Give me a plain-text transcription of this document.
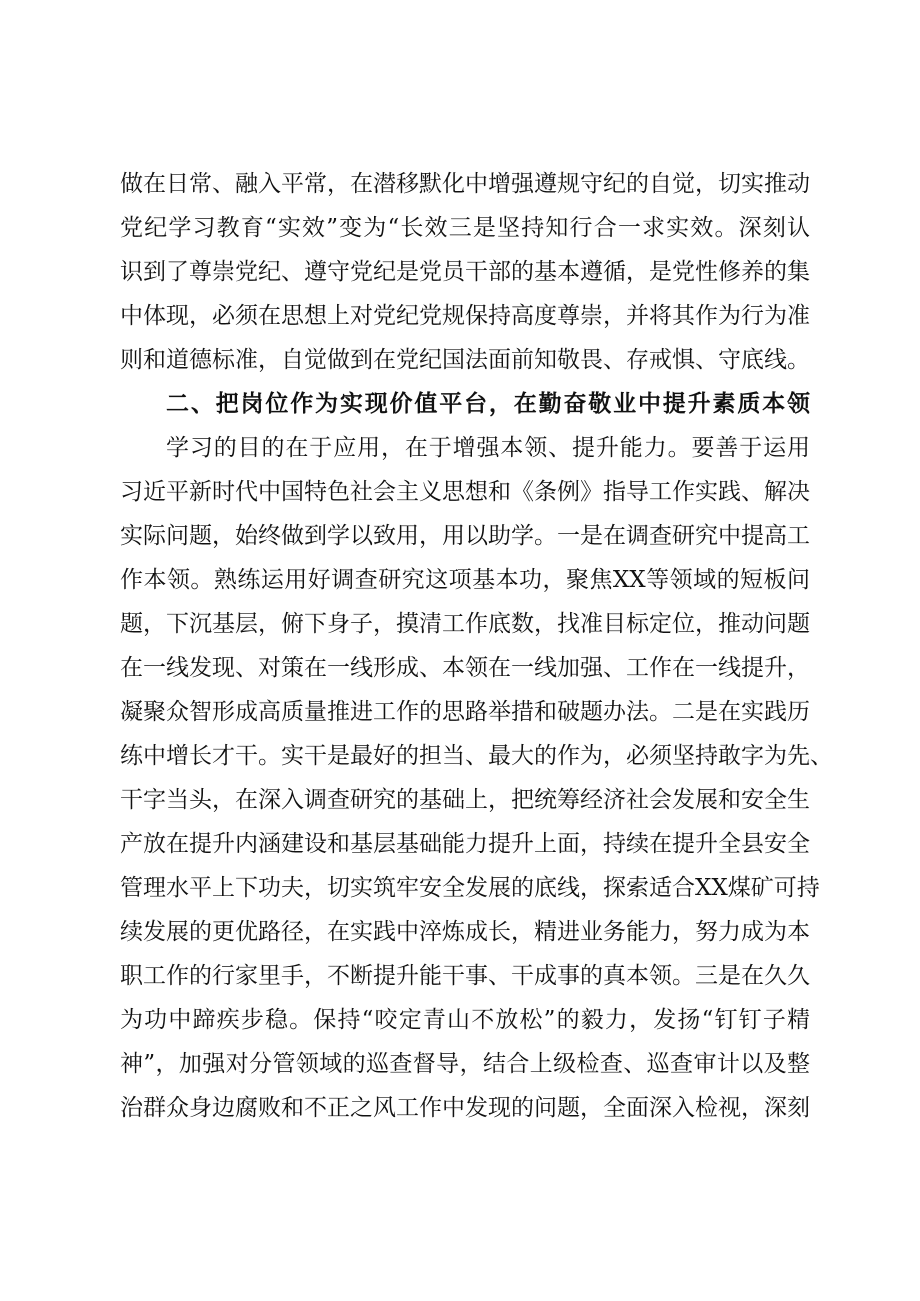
做在日常、融入平常，在潜移默化中增强遵规守纪的自觉，切实推动
党纪学习教育“实效”变为“长效三是坚持知行合一求实效。深刻认
识到了尊崇党纪、遵守党纪是党员干部的基本遵循，是党性修养的集
中体现，必须在思想上对党纪党规保持高度尊崇，并将其作为行为准
则和道德标准，自觉做到在党纪国法面前知敬畏、存戒惧、守底线。
二、把岗位作为实现价值平台，在勤奋敬业中提升素质本领
学习的目的在于应用，在于增强本领、提升能力。要善于运用
习近平新时代中国特色社会主义思想和《条例》指导工作实践、解决
实际问题，始终做到学以致用，用以助学。一是在调查研究中提高工
作本领。熟练运用好调查研究这项基本功，聚焦XX等领域的短板问
题，下沉基层，俯下身子，摸清工作底数，找准目标定位，推动问题
在一线发现、对策在一线形成、本领在一线加强、工作在一线提升，
凝聚众智形成高质量推进工作的思路举措和破题办法。二是在实践历
练中增长才干。实干是最好的担当、最大的作为，必须坚持敢字为先、
干字当头，在深入调查研究的基础上，把统筹经济社会发展和安全生
产放在提升内涵建设和基层基础能力提升上面，持续在提升全县安全
管理水平上下功夫，切实筑牢安全发展的底线，探索适合XX煤矿可持
续发展的更优路径，在实践中淬炼成长，精进业务能力，努力成为本
职工作的行家里手，不断提升能干事、干成事的真本领。三是在久久
为功中蹄疾步稳。保持“咬定青山不放松”的毅力，发扬“钉钉子精
神”，加强对分管领域的巡查督导，结合上级检查、巡查审计以及整
治群众身边腐败和不正之风工作中发现的问题，全面深入检视，深刻
